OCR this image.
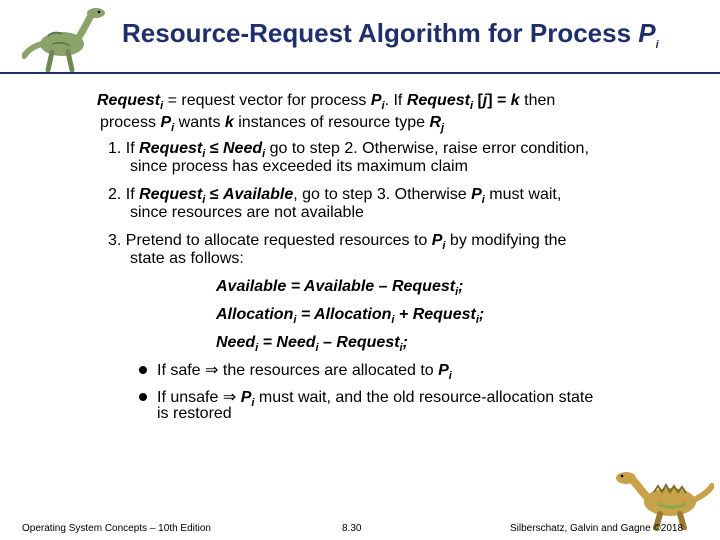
Resource-Request Algorithm for Process $P_i$
Request$_i$ = request vector for process $P_i$. If Request$_i$ [j] = k then
process $P_i$ wants k instances of resource type $R_j$
1. If Request$_i$ ≤ Need$_i$ go to step 2. Otherwise, raise error condition,
since process has exceeded its maximum claim
2. If Request$_i$ ≤ Available, go to step 3. Otherwise $P_i$ must wait,
since resources are not available
3. Pretend to allocate requested resources to $P_i$ by modifying the
state as follows:
Available = Available – Request$_i$;
Allocation$_i$ = Allocation$_i$ + Request$_i$;
Need$_i$ = Need$_i$ – Request$_i$;
If safe ⇒ the resources are allocated to $P_i$
If unsafe ⇒ $P_i$ must wait, and the old resource-allocation state
is restored
Operating System Concepts – 10th Edition	8.30	Silberschatz, Galvin and Gagne ©2018
